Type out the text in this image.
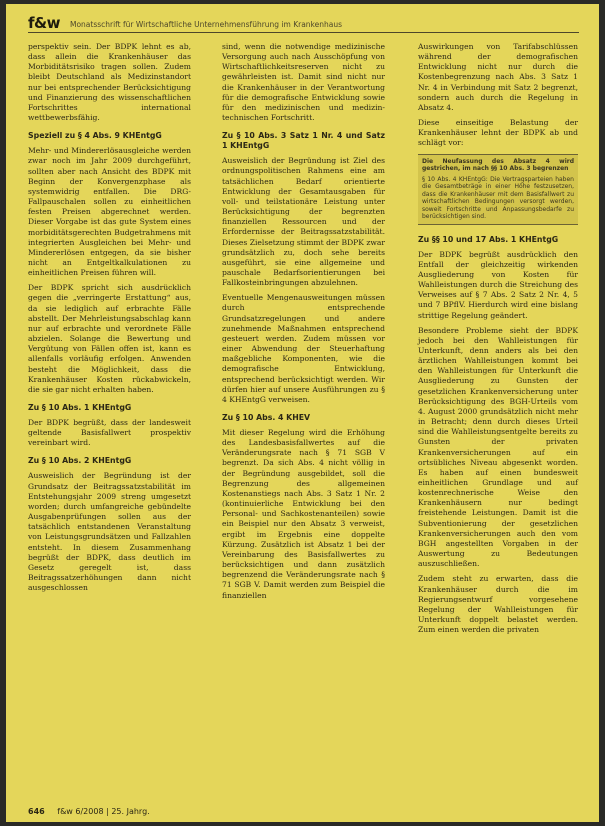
f&w Monatsschrift für Wirtschaftliche Unternehmensführung im Krankenhaus

perspektiv sein. Der BDPK lehnt es ab, dass allein die Krankenhäuser das Morbiditätsrisiko tragen sollen. Zudem bleibt Deutschland als Medizinstandort nur bei entsprechender Berücksichtigung und Finanzierung des wissenschaftlichen Fortschrittes international wettbewerbsfähig.

Speziell zu § 4 Abs. 9 KHEntgG

Mehr- und Mindererlösausgleiche werden zwar noch im Jahr 2009 durchgeführt, sollten aber nach Ansicht des BDPK mit Beginn der Konvergenzphase als systemwidrig entfallen. Die DRG-Fallpauschalen sollen zu einheitlichen festen Preisen abgerechnet werden. Dieser Vorgabe ist das gute System eines morbiditätsgerechten Budgetrahmens mit integrierten Ausgleichen bei Mehr- und Mindererlösen entgegen, da sie bisher nicht an Entgeltkalkulationen zu einheitlichen Preisen führen will.

Der BDPK spricht sich ausdrücklich gegen die „verringerte Erstattung“ aus, da sie lediglich auf erbrachte Fälle abstellt. Der Mehrleistungsabschlag kann nur auf erbrachte und verordnete Fälle abzielen. Solange die Bewertung und Vergütung von Fällen offen ist, kann es allenfalls vorläufig erfolgen. Anwenden besteht die Möglichkeit, dass die Krankenhäuser Kosten rückabwickeln, die sie gar nicht erhalten haben.

Zu § 10 Abs. 1 KHEntgG

Der BDPK begrüßt, dass der landesweit geltende Basisfallwert prospektiv vereinbart wird.

Zu § 10 Abs. 2 KHEntgG

Ausweislich der Begründung ist der Grundsatz der Beitragssatzstabilität im Entstehungsjahr 2009 streng umgesetzt worden; durch umfangreiche gebündelte Ausgabenprüfungen sollen aus der tatsächlich entstandenen Veranstaltung von Leistungsgrundsätzen und Fallzahlen entsteht. In diesem Zusammenhang begrüßt der BDPK, dass deutlich im Gesetz geregelt ist, dass Beitragssatzerhöhungen dann nicht ausgeschlossen

sind, wenn die notwendige medizinische Versorgung auch nach Ausschöpfung von Wirtschaftlichkeitsreserven nicht zu gewährleisten ist. Damit sind nicht nur die Krankenhäuser in der Verantwortung für die demografische Entwicklung sowie für den medizinischen und medizin-technischen Fortschritt.

Zu § 10 Abs. 3 Satz 1 Nr. 4 und Satz 1 KHEntgG

Ausweislich der Begründung ist Ziel des ordnungspolitischen Rahmens eine am tatsächlichen Bedarf orientierte Entwicklung der Gesamtausgaben für voll- und teilstationäre Leistung unter Berücksichtigung der begrenzten finanziellen Ressourcen und der Erfordernisse der Beitragssatzstabilität. Dieses Zielsetzung stimmt der BDPK zwar grundsätzlich zu, doch sehe bereits ausgeführt, sie eine allgemeine und pauschale Bedarfsorientierungen bei Fallkosteinbringungen abzulehnen.

Eventuelle Mengenausweitungen müssen durch entsprechende Grundsatzregelungen und andere zunehmende Maßnahmen entsprechend gesteuert werden. Zudem müssen vor einer Abwendung der Steuerhaftung maßgebliche Komponenten, wie die demografische Entwicklung, entsprechend berücksichtigt werden. Wir dürfen hier auf unsere Ausführungen zu § 4 KHEntgG verweisen.

Zu § 10 Abs. 4 KHEV

Mit dieser Regelung wird die Erhöhung des Landesbasisfallwertes auf die Veränderungsrate nach § 71 SGB V begrenzt. Da sich Abs. 4 nicht völlig in der Begründung ausgebildet, soll die Begrenzung des allgemeinen Kostenanstiegs nach Abs. 3 Satz 1 Nr. 2 (kontinuierliche Entwicklung bei den Personal- und Sachkostenanteilen) sowie ein Beispiel nur den Absatz 3 verweist, ergibt im Ergebnis eine doppelte Kürzung. Zusätzlich ist Absatz 1 bei der Vereinbarung des Basisfallwertes zu berücksichtigen und dann zusätzlich begrenzend die Veränderungsrate nach § 71 SGB V. Damit werden zum Beispiel die finanziellen

Auswirkungen von Tarifabschlüssen während der demografischen Entwicklung nicht nur durch die Kostenbegrenzung nach Abs. 3 Satz 1 Nr. 4 in Verbindung mit Satz 2 begrenzt, sondern auch durch die Regelung in Absatz 4.

Diese einseitige Belastung der Krankenhäuser lehnt der BDPK ab und schlägt vor:

Die Neufassung des Absatz 4 wird gestrichen, im nach §§ 10 Abs. 3 begrenzen
§ 10 Abs. 4 KHEntgG: Die Vertragsparteien haben die Gesamtbeträge in einer Höhe festzusetzen, dass die Krankenhäuser mit dem Basisfallwert zu wirtschaftlichen Bedingungen versorgt werden, soweit Fortschritte und Anpassungsbedarfe zu berücksichtigen sind.
Zu §§ 10 und 17 Abs. 1 KHEntgG

Der BDPK begrüßt ausdrücklich den Entfall der gleichzeitig wirkenden Ausgliederung von Kosten für Wahlleistungen durch die Streichung des Verweises auf § 7 Abs. 2 Satz 2 Nr. 4, 5 und 7 BPflV. Hierdurch wird eine bislang strittige Regelung geändert.

Besondere Probleme sieht der BDPK jedoch bei den Wahlleistungen für Unterkunft, denn anders als bei den ärztlichen Wahlleistungen kommt bei den Wahlleistungen für Unterkunft die Ausgliederung zu Gunsten der gesetzlichen Krankenversicherung unter Berücksichtigung des BGH-Urteils vom 4. August 2000 grundsätzlich nicht mehr in Betracht; denn durch dieses Urteil sind die Wahlleistungsentgelte bereits zu Gunsten der privaten Krankenversicherungen auf ein ortsübliches Niveau abgesenkt worden. Es haben auf einen bundesweit einheitlichen Grundlage und auf kostenrechnerische Weise den Krankenhäusern nur bedingt freistehende Leistungen. Damit ist die Subventionierung der gesetzlichen Krankenversicherungen auch den vom BGH angestellten Vorgaben in der Auswertung zu Bedeutungen auszuschließen.

Zudem steht zu erwarten, dass die Krankenhäuser durch die im Regierungsentwurf vorgesehene Regelung der Wahlleistungen für Unterkunft doppelt belastet werden. Zum einen werden die privaten

646 f&w 6/2008 | 25. Jahrg.
